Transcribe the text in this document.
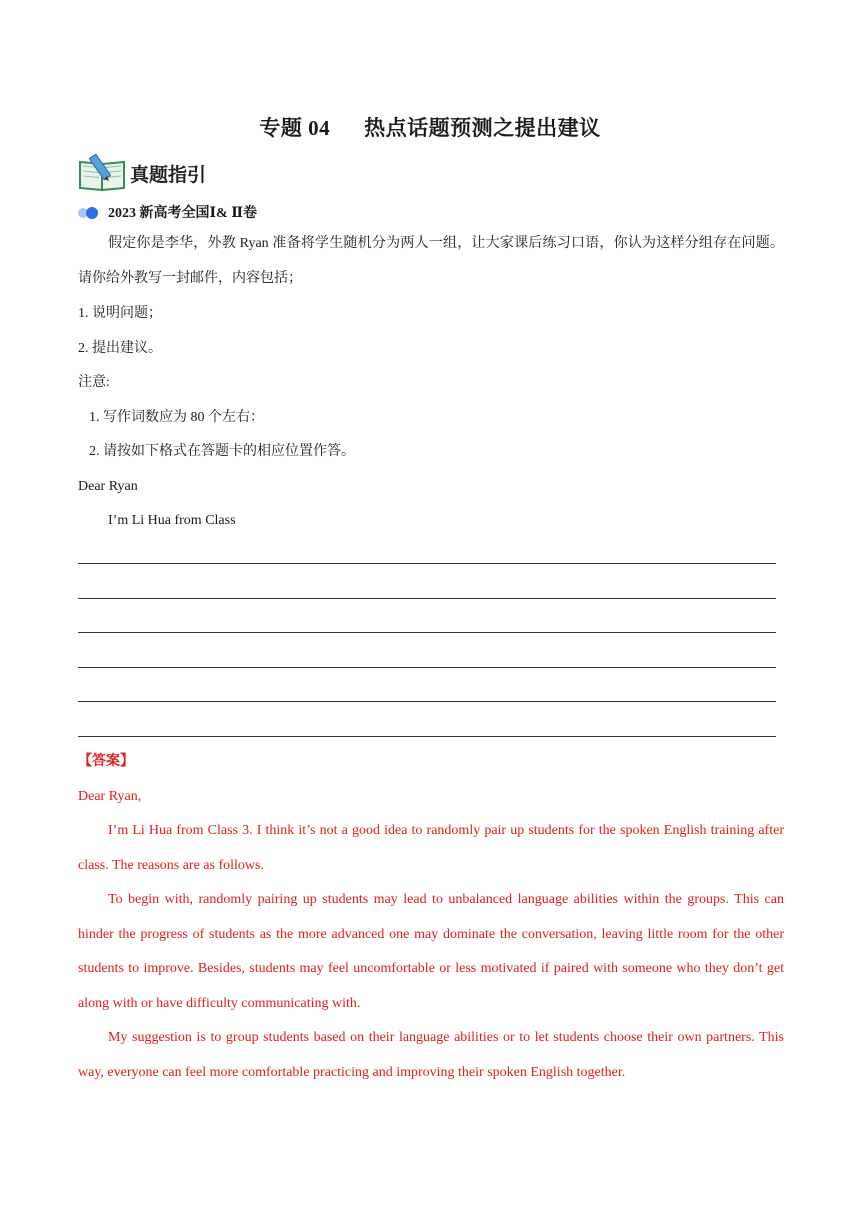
专题 04 热点话题预测之提出建议
真题指引
2023 新高考全国Ⅰ& Ⅱ卷
假定你是李华，外教 Ryan 准备将学生随机分为两人一组，让大家课后练习口语，你认为这样分组存在问题。请你给外教写一封邮件，内容包括；
1. 说明问题；
2. 提出建议。
注意:
1. 写作词数应为 80 个左右：
2. 请按如下格式在答题卡的相应位置作答。
Dear Ryan
I’m Li Hua from Class
【答案】
Dear Ryan,
I’m Li Hua from Class 3. I think it’s not a good idea to randomly pair up students for the spoken English training after class. The reasons are as follows.
To begin with, randomly pairing up students may lead to unbalanced language abilities within the groups. This can hinder the progress of students as the more advanced one may dominate the conversation, leaving little room for the other students to improve. Besides, students may feel uncomfortable or less motivated if paired with someone who they don’t get along with or have difficulty communicating with.
My suggestion is to group students based on their language abilities or to let students choose their own partners. This way, everyone can feel more comfortable practicing and improving their spoken English together.
